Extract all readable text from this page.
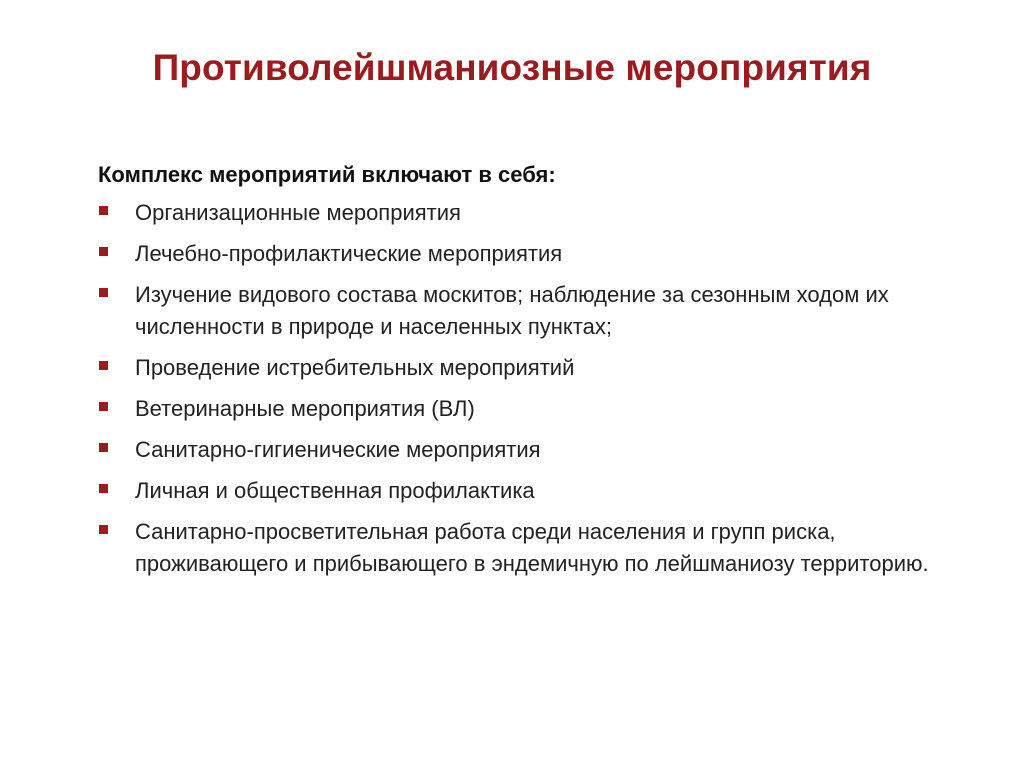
Противолейшманиозные мероприятия
Комплекс мероприятий включают в себя:
Организационные мероприятия
Лечебно-профилактические мероприятия
Изучение видового состава москитов; наблюдение за сезонным ходом их численности в природе и населенных пунктах;
Проведение истребительных мероприятий
Ветеринарные мероприятия (ВЛ)
Санитарно-гигиенические мероприятия
Личная и общественная профилактика
Санитарно-просветительная работа среди населения и групп риска, проживающего и прибывающего в эндемичную по лейшманиозу территорию.
